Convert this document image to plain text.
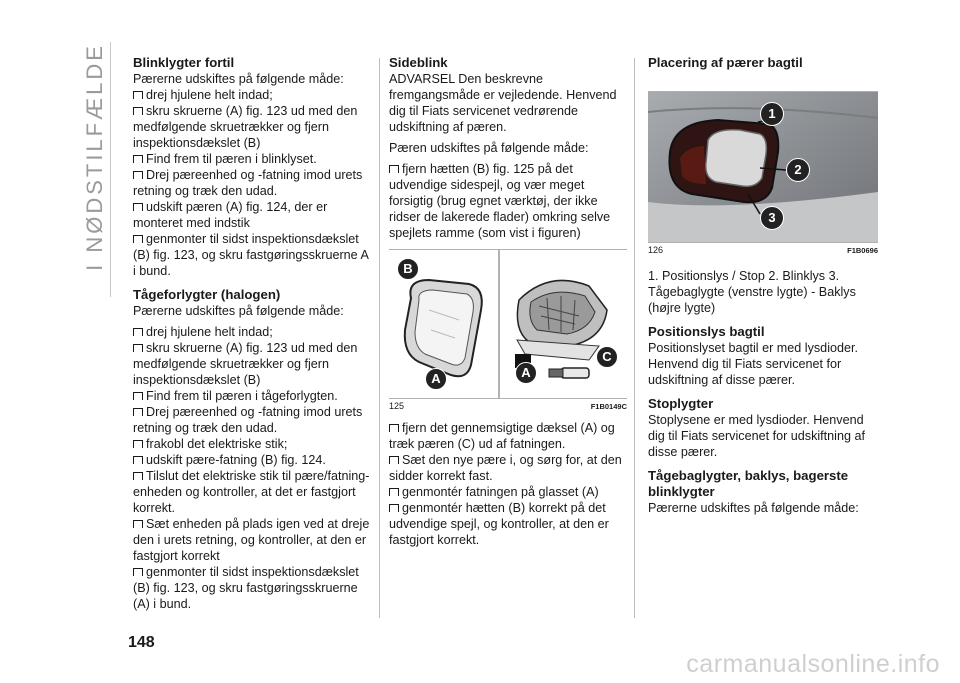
I NØDSTILFÆLDE Blinklygter fortil

Pærerne udskiftes på følgende måde:

drej hjulene helt indad;

skru skruerne (A) fig. 123 ud med den medfølgende skruetrækker og fjern inspektionsdækslet (B)

Find frem til pæren i blinklyset.

Drej pæreenhed og -fatning imod urets retning og træk den udad.

udskift pæren (A) fig. 124, der er monteret med indstik

genmonter til sidst inspektionsdækslet (B) fig. 123, og skru fastgøringsskruerne A i bund.

Tågeforlygter (halogen)

Pærerne udskiftes på følgende måde:

drej hjulene helt indad;

skru skruerne (A) fig. 123 ud med den medfølgende skruetrækker og fjern inspektionsdækslet (B)

Find frem til pæren i tågeforlygten.

Drej pæreenhed og -fatning imod urets retning og træk den udad.

frakobl det elektriske stik;

udskift pære-fatning (B) fig. 124.

Tilslut det elektriske stik til pære/fatning-enheden og kontroller, at det er fastgjort korrekt.

Sæt enheden på plads igen ved at dreje den i urets retning, og kontroller, at den er fastgjort korrekt

genmonter til sidst inspektionsdækslet (B) fig. 123, og skru fastgøringsskruerne (A) i bund.

Sideblink

ADVARSEL Den beskrevne fremgangsmåde er vejledende. Henvend dig til Fiats servicenet vedrørende udskiftning af pæren.

Pæren udskiftes på følgende måde:

fjern hætten (B) fig. 125 på det udvendige sidespejl, og vær meget forsigtig (brug egnet værktøj, der ikke ridser de lakerede flader) omkring selve spejlets ramme (som vist i figuren)

B
A	A
C
125	F1B0149C

fjern det gennemsigtige dæksel (A) og træk pæren (C) ud af fatningen.

Sæt den nye pære i, og sørg for, at den sidder korrekt fast.

genmontér fatningen på glasset (A)

genmontér hætten (B) korrekt på det udvendige spejl, og kontroller, at den er fastgjort korrekt.

Placering af pærer bagtil
1
2
3
126	F1B0696

1. Positionslys / Stop 2. Blinklys 3. Tågebaglygte (venstre lygte) - Baklys (højre lygte)

Positionslys bagtil

Positionslyset bagtil er med lysdioder. Henvend dig til Fiats servicenet for udskiftning af disse pærer.

Stoplygter

Stoplysene er med lysdioder. Henvend dig til Fiats servicenet for udskiftning af disse pærer.

Tågebaglygter, baklys, bagerste blinklygter

Pærerne udskiftes på følgende måde:

148
carmanualsonline.info
